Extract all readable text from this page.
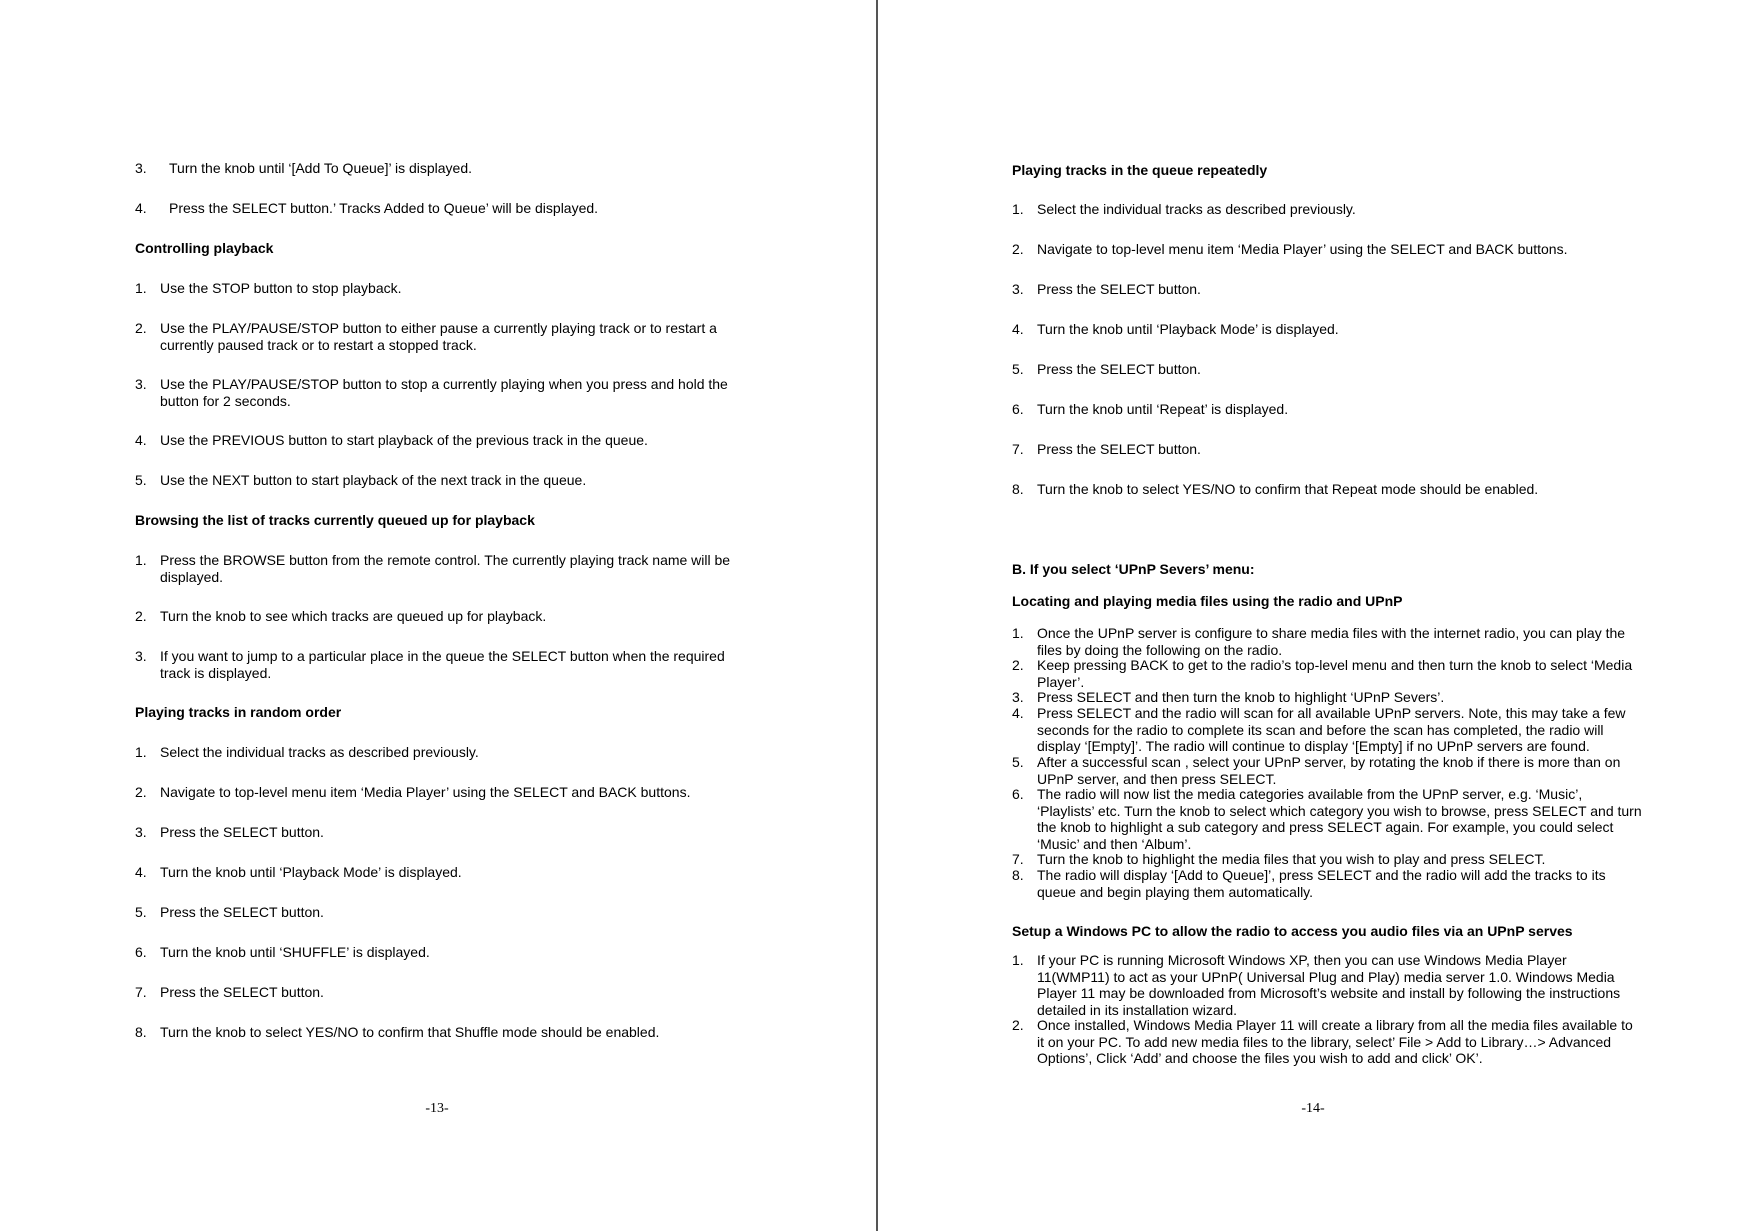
3. Turn the knob until ‘[Add To Queue]’ is displayed.
4. Press the SELECT button.’ Tracks Added to Queue’ will be displayed.
Controlling playback
1. Use the STOP button to stop playback.
2. Use the PLAY/PAUSE/STOP button to either pause a currently playing track or to restart a currently paused track or to restart a stopped track.
3. Use the PLAY/PAUSE/STOP button to stop a currently playing when you press and hold the button for 2 seconds.
4. Use the PREVIOUS button to start playback of the previous track in the queue.
5. Use the NEXT button to start playback of the next track in the queue.
Browsing the list of tracks currently queued up for playback
1. Press the BROWSE button from the remote control. The currently playing track name will be displayed.
2. Turn the knob to see which tracks are queued up for playback.
3. If you want to jump to a particular place in the queue the SELECT button when the required track is displayed.
Playing tracks in random order
1. Select the individual tracks as described previously.
2. Navigate to top-level menu item ‘Media Player’ using the SELECT and BACK buttons.
3. Press the SELECT button.
4. Turn the knob until ‘Playback Mode’ is displayed.
5. Press the SELECT button.
6. Turn the knob until ‘SHUFFLE’ is displayed.
7. Press the SELECT button.
8. Turn the knob to select YES/NO to confirm that Shuffle mode should be enabled.
-13-
Playing tracks in the queue repeatedly
1. Select the individual tracks as described previously.
2. Navigate to top-level menu item ‘Media Player’ using the SELECT and BACK buttons.
3. Press the SELECT button.
4. Turn the knob until ‘Playback Mode’ is displayed.
5. Press the SELECT button.
6. Turn the knob until ‘Repeat’ is displayed.
7. Press the SELECT button.
8. Turn the knob to select YES/NO to confirm that Repeat mode should be enabled.
B. If you select ‘UPnP Severs’ menu:
Locating and playing media files using the radio and UPnP
1. Once the UPnP server is configure to share media files with the internet radio, you can play the files by doing the following on the radio.
2. Keep pressing BACK to get to the radio’s top-level menu and then turn the knob to select ‘Media Player’.
3. Press SELECT and then turn the knob to highlight ‘UPnP Severs’.
4. Press SELECT and the radio will scan for all available UPnP servers. Note, this may take a few seconds for the radio to complete its scan and before the scan has completed, the radio will display ‘[Empty]’. The radio will continue to display ‘[Empty] if no UPnP servers are found.
5. After a successful scan , select your UPnP server, by rotating the knob if there is more than on UPnP server, and then press SELECT.
6. The radio will now list the media categories available from the UPnP server, e.g. ‘Music’, ‘Playlists’ etc. Turn the knob to select which category you wish to browse, press SELECT and turn the knob to highlight a sub category and press SELECT again. For example, you could select ‘Music’ and then ‘Album’.
7. Turn the knob to highlight the media files that you wish to play and press SELECT.
8. The radio will display ‘[Add to Queue]’, press SELECT and the radio will add the tracks to its queue and begin playing them automatically.
Setup a Windows PC to allow the radio to access you audio files via an UPnP serves
1. If your PC is running Microsoft Windows XP, then you can use Windows Media Player 11(WMP11) to act as your UPnP( Universal Plug and Play) media server 1.0. Windows Media Player 11 may be downloaded from Microsoft’s website and install by following the instructions detailed in its installation wizard.
2. Once installed, Windows Media Player 11 will create a library from all the media files available to it on your PC. To add new media files to the library, select’ File > Add to Library…> Advanced Options’, Click ‘Add’ and choose the files you wish to add and click’ OK’.
-14-
